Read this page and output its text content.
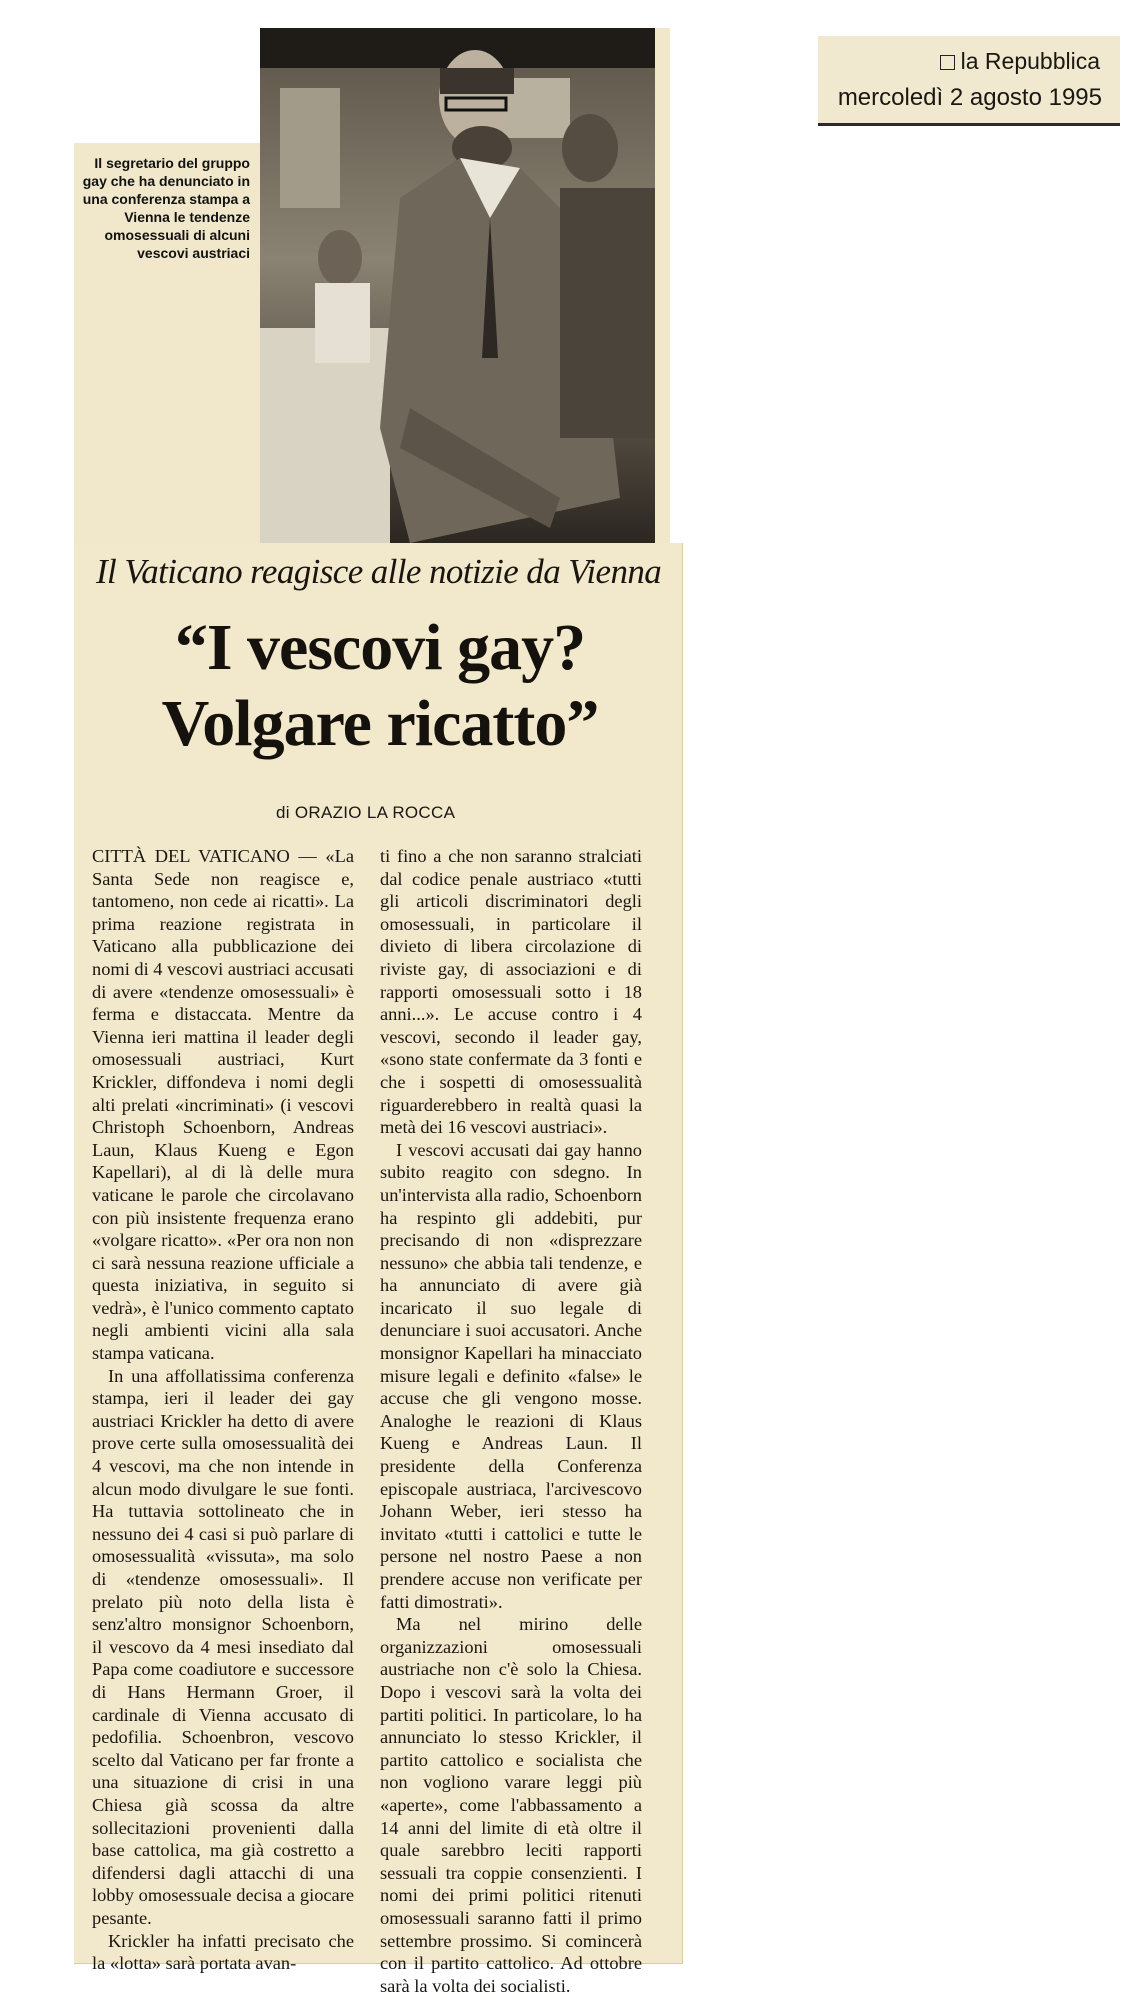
la Repubblica
mercoledì 2 agosto 1995
Il segretario del gruppo gay che ha denunciato in una conferenza stampa a Vienna le tendenze omosessuali di alcuni vescovi austriaci
Il Vaticano reagisce alle notizie da Vienna
“I vescovi gay?
Volgare ricatto”
di ORAZIO LA ROCCA

CITTÀ DEL VATICANO — «La Santa Sede non reagisce e, tantomeno, non cede ai ricatti». La prima reazione registrata in Vaticano alla pubblicazione dei nomi di 4 vescovi austriaci accusati di avere «tendenze omosessuali» è ferma e distaccata. Mentre da Vienna ieri mattina il leader degli omosessuali austriaci, Kurt Krickler, diffondeva i nomi degli alti prelati «incriminati» (i vescovi Christoph Schoenborn, Andreas Laun, Klaus Kueng e Egon Kapellari), al di là delle mura vaticane le parole che circolavano con più insistente frequenza erano «volgare ricatto». «Per ora non non ci sarà nessuna reazione ufficiale a questa iniziativa, in seguito si vedrà», è l'unico commento captato negli ambienti vicini alla sala stampa vaticana.

In una affollatissima conferenza stampa, ieri il leader dei gay austriaci Krickler ha detto di avere prove certe sulla omosessualità dei 4 vescovi, ma che non intende in alcun modo divulgare le sue fonti. Ha tuttavia sottolineato che in nessuno dei 4 casi si può parlare di omosessualità «vissuta», ma solo di «tendenze omosessuali». Il prelato più noto della lista è senz'altro monsignor Schoenborn, il vescovo da 4 mesi insediato dal Papa come coadiutore e successore di Hans Hermann Groer, il cardinale di Vienna accusato di pedofilia. Schoenbron, vescovo scelto dal Vaticano per far fronte a una situazione di crisi in una Chiesa già scossa da altre sollecitazioni provenienti dalla base cattolica, ma già costretto a difendersi dagli attacchi di una lobby omosessuale decisa a giocare pesante.

Krickler ha infatti precisato che la «lotta» sarà portata avan-

ti fino a che non saranno stralciati dal codice penale austriaco «tutti gli articoli discriminatori degli omosessuali, in particolare il divieto di libera circolazione di riviste gay, di associazioni e di rapporti omosessuali sotto i 18 anni...». Le accuse contro i 4 vescovi, secondo il leader gay, «sono state confermate da 3 fonti e che i sospetti di omosessualità riguarderebbero in realtà quasi la metà dei 16 vescovi austriaci».

I vescovi accusati dai gay hanno subito reagito con sdegno. In un'intervista alla radio, Schoenborn ha respinto gli addebiti, pur precisando di non «disprezzare nessuno» che abbia tali tendenze, e ha annunciato di avere già incaricato il suo legale di denunciare i suoi accusatori. Anche monsignor Kapellari ha minacciato misure legali e definito «false» le accuse che gli vengono mosse. Analoghe le reazioni di Klaus Kueng e Andreas Laun. Il presidente della Conferenza episcopale austriaca, l'arcivescovo Johann Weber, ieri stesso ha invitato «tutti i cattolici e tutte le persone nel nostro Paese a non prendere accuse non verificate per fatti dimostrati».

Ma nel mirino delle organizzazioni omosessuali austriache non c'è solo la Chiesa. Dopo i vescovi sarà la volta dei partiti politici. In particolare, lo ha annunciato lo stesso Krickler, il partito cattolico e socialista che non vogliono varare leggi più «aperte», come l'abbassamento a 14 anni del limite di età oltre il quale sarebbro leciti rapporti sessuali tra coppie consenzienti. I nomi dei primi politici ritenuti omosessuali saranno fatti il primo settembre prossimo. Si comincerà con il partito cattolico. Ad ottobre sarà la volta dei socialisti.
